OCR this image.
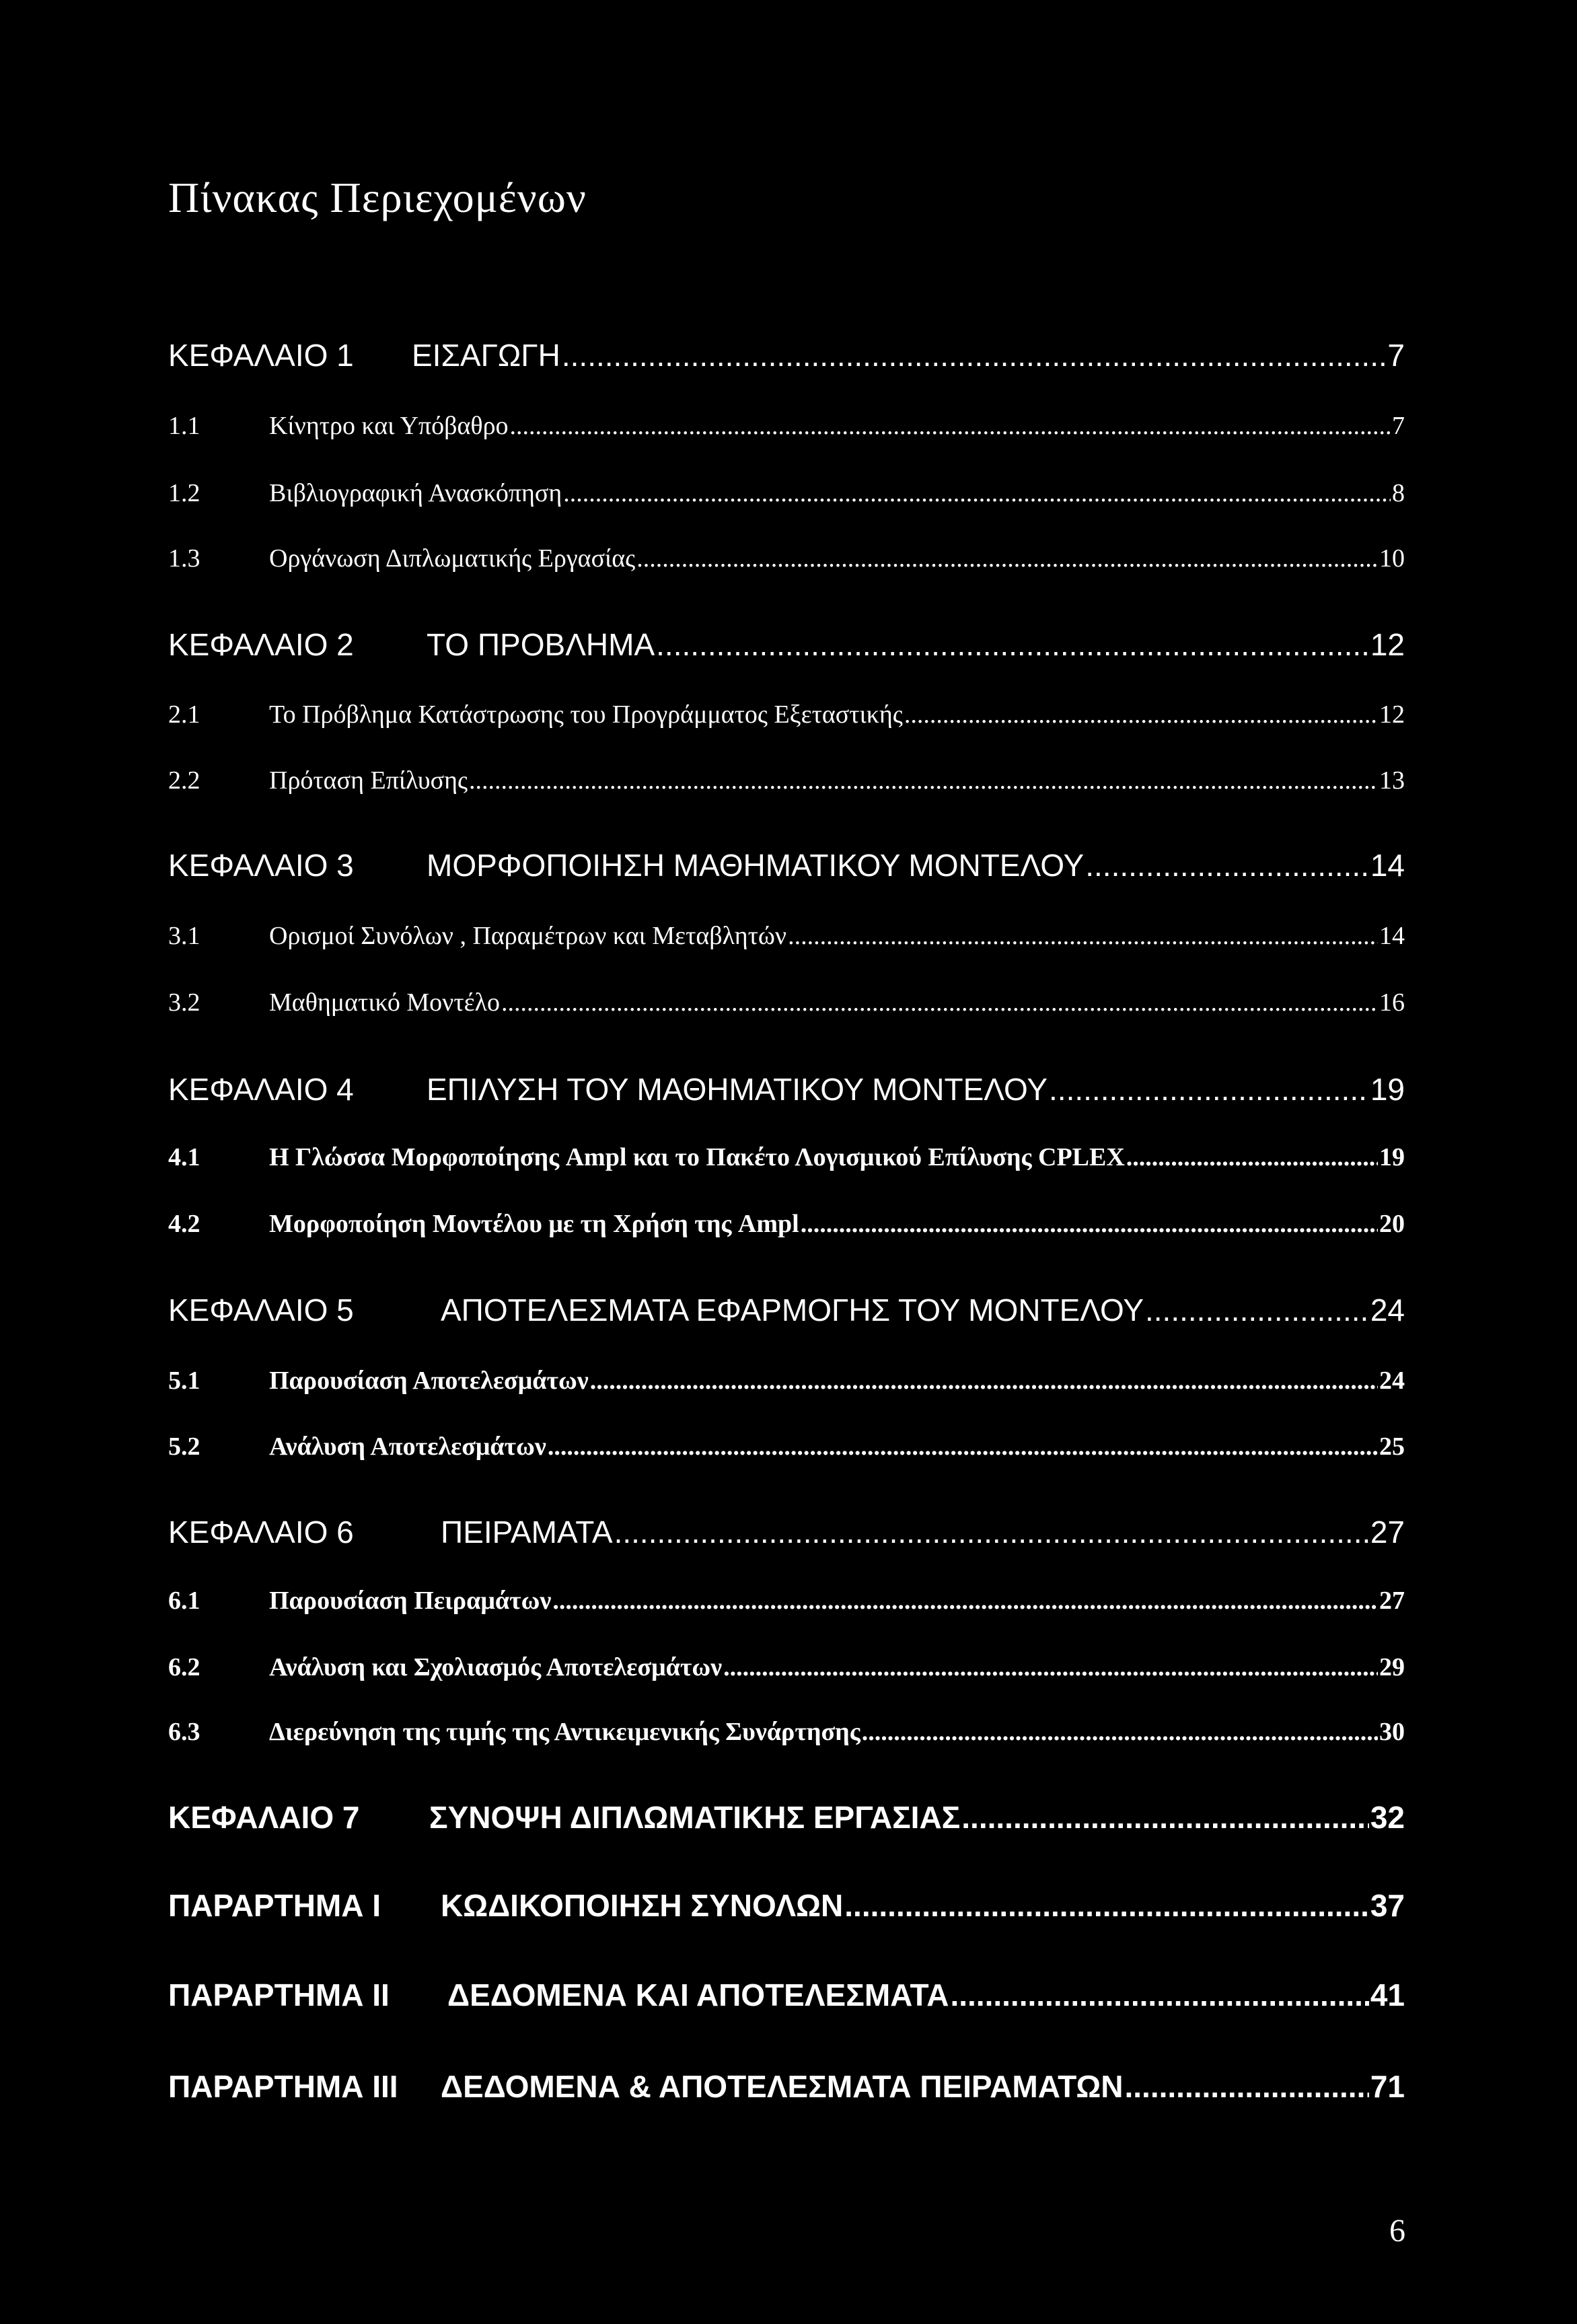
Πίνακας Περιεχομένων
ΚΕΦΑΛΑΙΟ 1	ΕΙΣΑΓΩΓΗ .....	7
1.1	Κίνητρο και Υπόβαθρο .....	7
1.2	Βιβλιογραφική Ανασκόπηση .....	8
1.3	Οργάνωση Διπλωματικής Εργασίας .....	10
ΚΕΦΑΛΑΙΟ 2	ΤΟ ΠΡΟΒΛΗΜΑ .....	12
2.1	Το Πρόβλημα Κατάστρωσης του Προγράμματος Εξεταστικής .....	12
2.2	Πρόταση Επίλυσης .....	13
ΚΕΦΑΛΑΙΟ 3	ΜΟΡΦΟΠΟΙΗΣΗ ΜΑΘΗΜΑΤΙΚΟΥ ΜΟΝΤΕΛΟΥ .....	14
3.1	Ορισμοί Συνόλων , Παραμέτρων και Μεταβλητών .....	14
3.2	Μαθηματικό Μοντέλο .....	16
ΚΕΦΑΛΑΙΟ 4	ΕΠΙΛΥΣΗ ΤΟΥ ΜΑΘΗΜΑΤΙΚΟΥ ΜΟΝΤΕΛΟΥ .....	19
4.1	Η Γλώσσα Μορφοποίησης Ampl και το Πακέτο Λογισμικού Επίλυσης CPLEX .....	19
4.2	Μορφοποίηση Μοντέλου με τη Χρήση της Ampl .....	20
ΚΕΦΑΛΑΙΟ 5	ΑΠΟΤΕΛΕΣΜΑΤΑ ΕΦΑΡΜΟΓΗΣ ΤΟΥ ΜΟΝΤΕΛΟΥ .....	24
5.1	Παρουσίαση Αποτελεσμάτων .....	24
5.2	Ανάλυση Αποτελεσμάτων .....	25
ΚΕΦΑΛΑΙΟ 6	ΠΕΙΡΑΜΑΤΑ .....	27
6.1	Παρουσίαση Πειραμάτων .....	27
6.2	Ανάλυση και Σχολιασμός Αποτελεσμάτων .....	29
6.3	Διερεύνηση της τιμής της Αντικειμενικής Συνάρτησης .....	30
ΚΕΦΑΛΑΙΟ 7	ΣΥΝΟΨΗ ΔΙΠΛΩΜΑΤΙΚΗΣ ΕΡΓΑΣΙΑΣ .....	32
ΠΑΡΑΡΤΗΜΑ Ι	ΚΩΔΙΚΟΠΟΙΗΣΗ ΣΥΝΟΛΩΝ .....	37
ΠΑΡΑΡΤΗΜΑ ΙΙ	ΔΕΔΟΜΕΝΑ ΚΑΙ ΑΠΟΤΕΛΕΣΜΑΤΑ .....	41
ΠΑΡΑΡΤΗΜΑ ΙΙΙ	ΔΕΔΟΜΕΝΑ & ΑΠΟΤΕΛΕΣΜΑΤΑ ΠΕΙΡΑΜΑΤΩΝ .....	71
6
